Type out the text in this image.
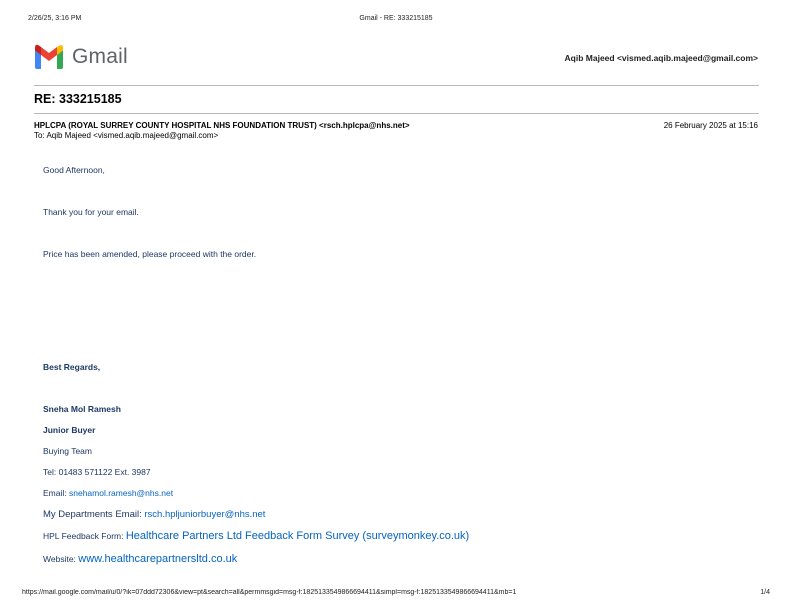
2/26/25, 3:16 PM	Gmail - RE: 333215185
Gmail	Aqib Majeed <vismed.aqib.majeed@gmail.com>
RE: 333215185
HPLCPA (ROYAL SURREY COUNTY HOSPITAL NHS FOUNDATION TRUST) <rsch.hplcpa@nhs.net>
To: Aqib Majeed <vismed.aqib.majeed@gmail.com>
26 February 2025 at 15:16
Good Afternoon,
Thank you for your email.
Price has been amended, please proceed with the order.
Best Regards,
Sneha Mol Ramesh
Junior Buyer
Buying Team
Tel: 01483 571122 Ext. 3987
Email: snehamol.ramesh@nhs.net
My Departments Email: rsch.hpljuniorbuyer@nhs.net
HPL Feedback Form: Healthcare Partners Ltd Feedback Form Survey (surveymonkey.co.uk)
Website: www.healthcarepartnersltd.co.uk
https://mail.google.com/mail/u/0/?ik=07ddd72306&view=pt&search=all&permmsgid=msg-f:1825133549866694411&simpl=msg-f:1825133549866694411&mb=1	1/4
